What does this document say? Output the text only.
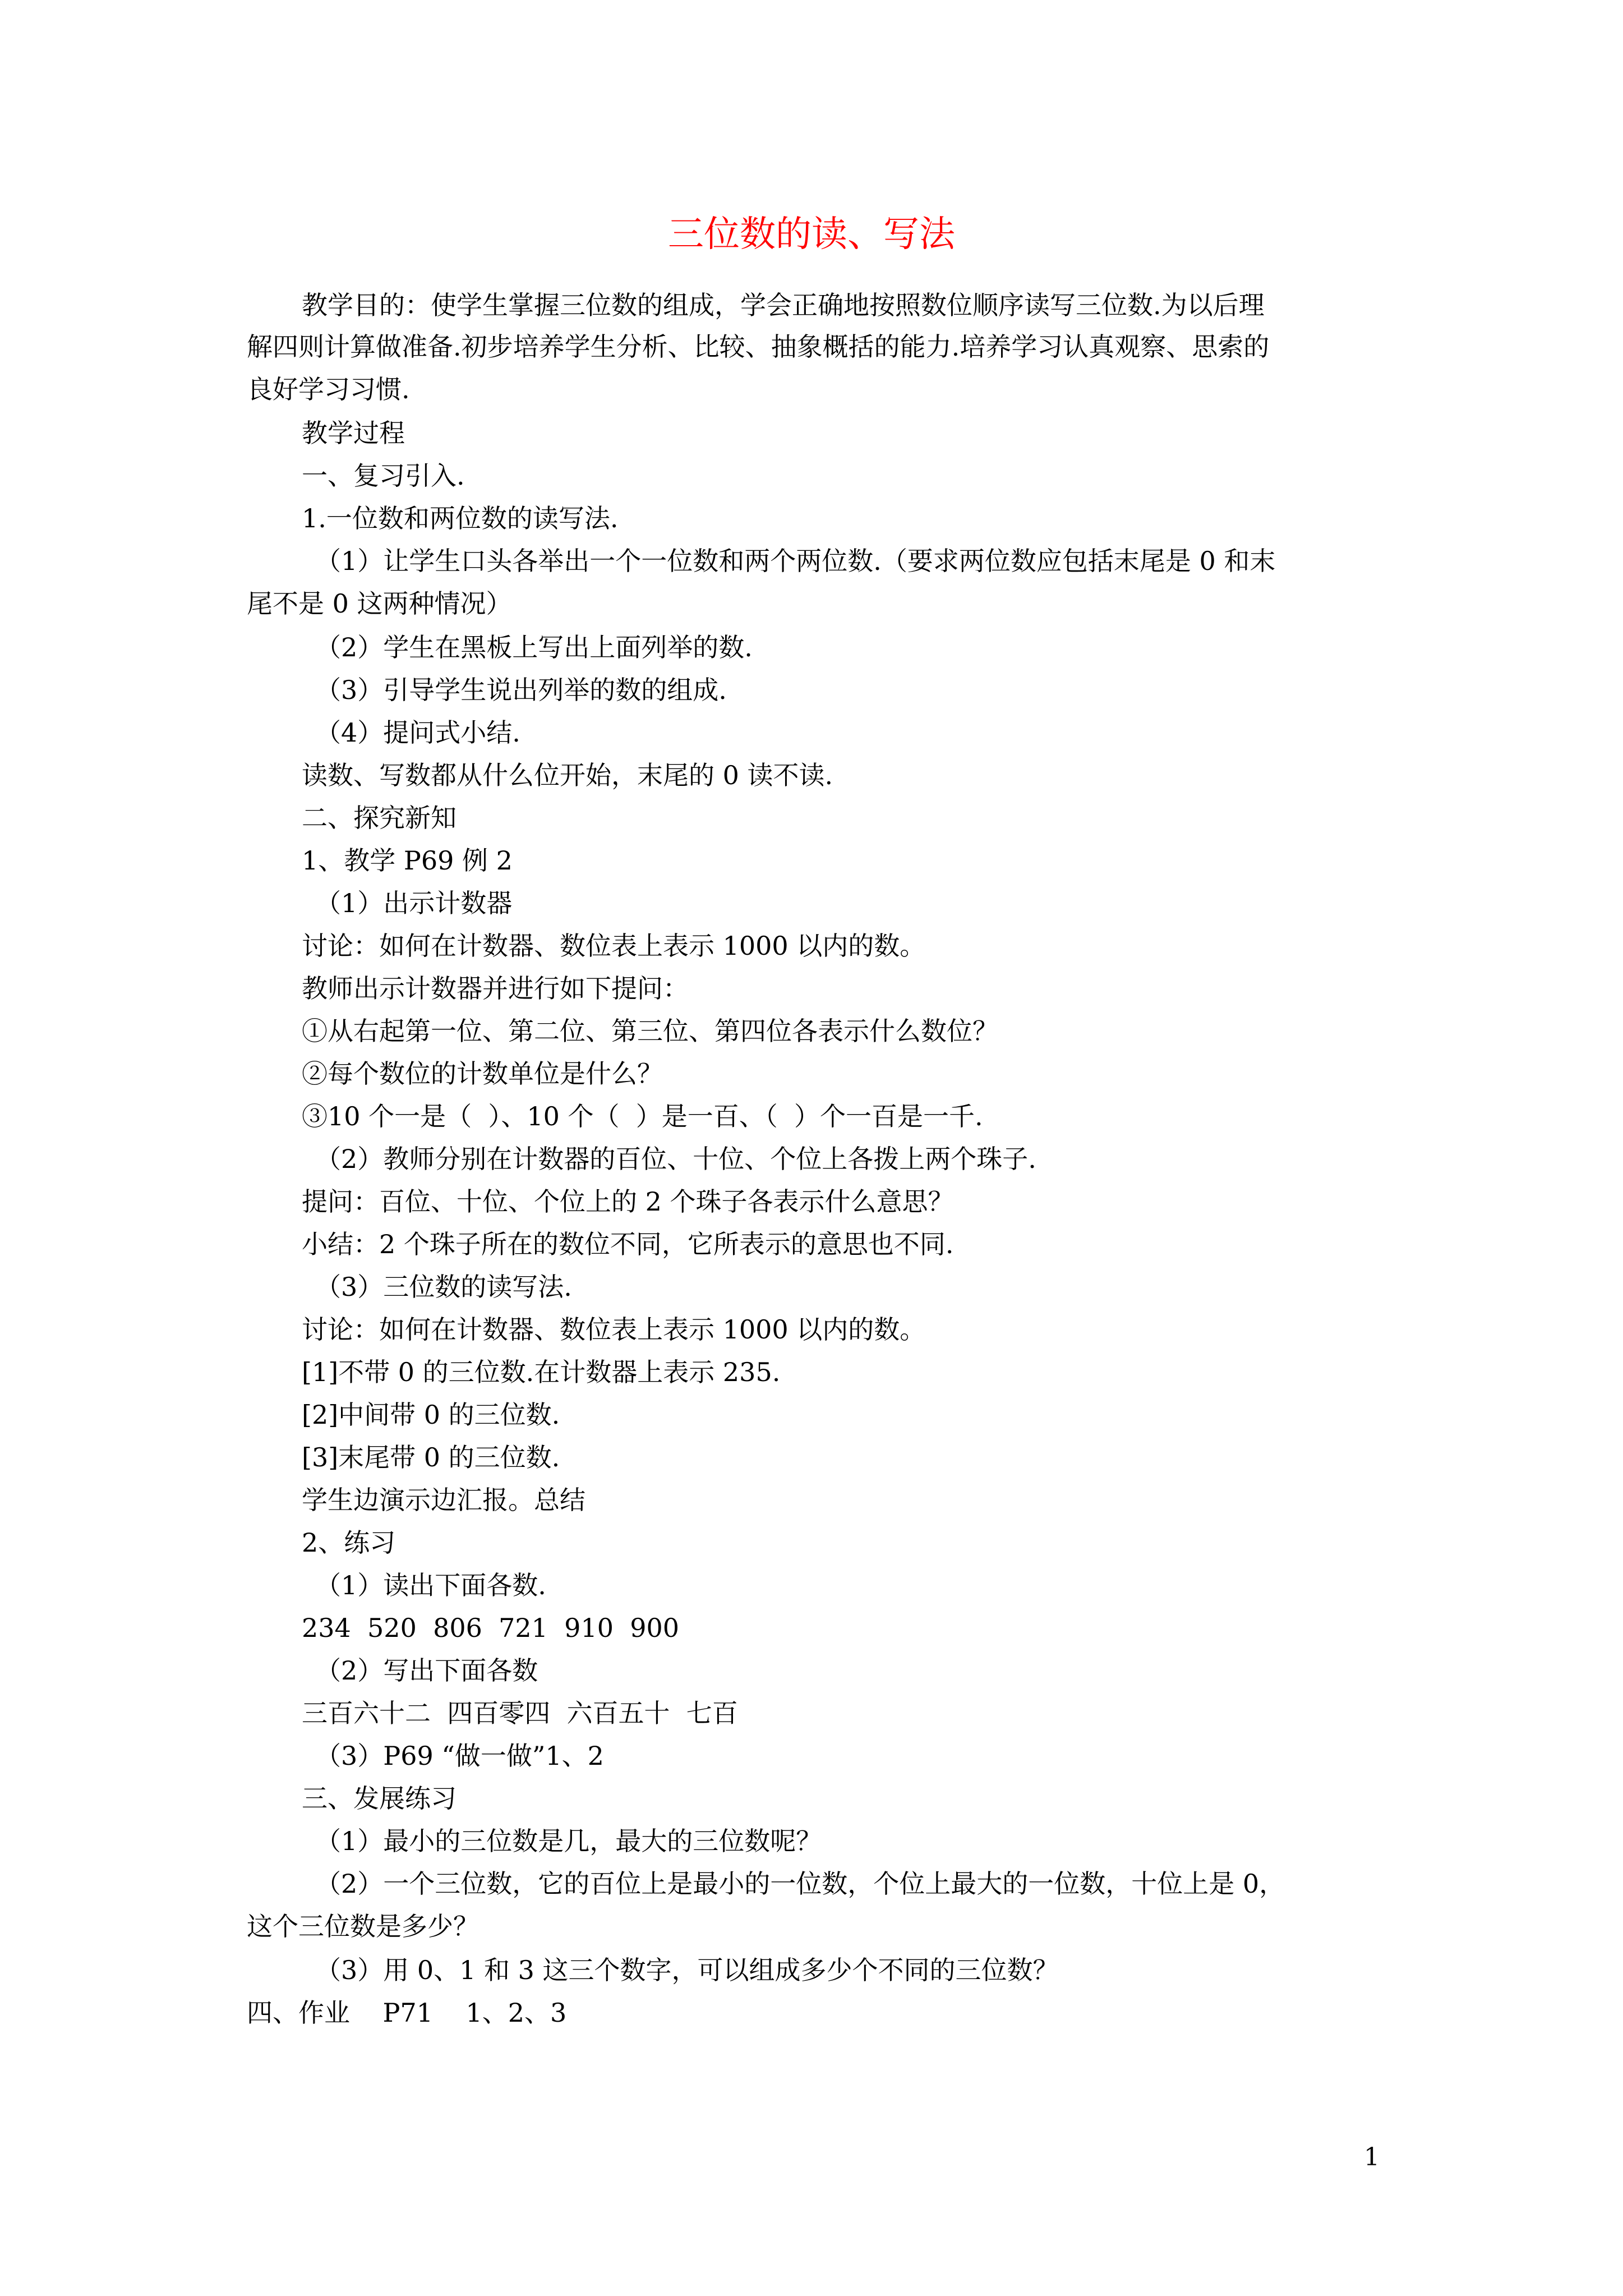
三位数的读、写法
教学目的：使学生掌握三位数的组成，学会正确地按照数位顺序读写三位数.为以后理
解四则计算做准备.初步培养学生分析、比较、抽象概括的能力.培养学习认真观察、思索的
良好学习习惯.
教学过程
一、复习引入.
1.一位数和两位数的读写法.
（1）让学生口头各举出一个一位数和两个两位数.（要求两位数应包括末尾是 0 和末
尾不是 0 这两种情况）
（2）学生在黑板上写出上面列举的数.
（3）引导学生说出列举的数的组成.
（4）提问式小结.
读数、写数都从什么位开始，末尾的 0 读不读.
二、探究新知
1、教学 P69 例 2
（1）出示计数器
讨论：如何在计数器、数位表上表示 1000 以内的数。
教师出示计数器并进行如下提问：
①从右起第一位、第二位、第三位、第四位各表示什么数位？
②每个数位的计数单位是什么？
③10 个一是（  ）、10 个（  ）是一百、（  ）个一百是一千.
（2）教师分别在计数器的百位、十位、个位上各拨上两个珠子.
提问：百位、十位、个位上的 2 个珠子各表示什么意思？
小结：2 个珠子所在的数位不同，它所表示的意思也不同.
（3）三位数的读写法.
讨论：如何在计数器、数位表上表示 1000 以内的数。
[1]不带 0 的三位数.在计数器上表示 235.
[2]中间带 0 的三位数.
[3]末尾带 0 的三位数.
学生边演示边汇报。总结
2、练习
（1）读出下面各数.
234  520  806  721  910  900
（2）写出下面各数
三百六十二  四百零四  六百五十  七百
（3）P69 “做一做”1、2
三、发展练习
（1）最小的三位数是几，最大的三位数呢？
（2）一个三位数，它的百位上是最小的一位数，个位上最大的一位数，十位上是 0，
这个三位数是多少？
（3）用 0、1 和 3 这三个数字，可以组成多少个不同的三位数？
四、作业    P71    1、2、3
1
